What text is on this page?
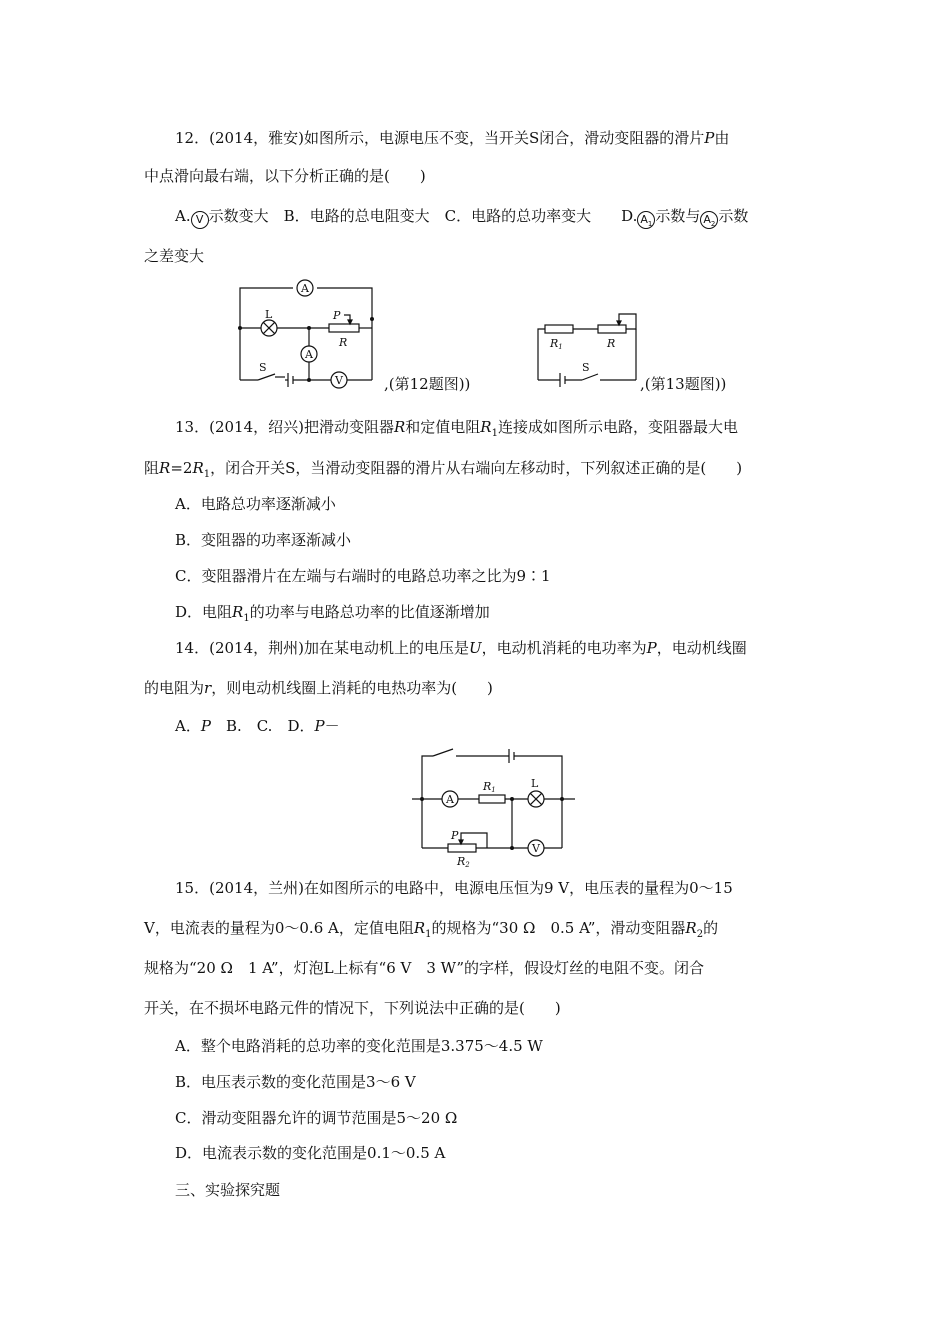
12．(2014，雅安)如图所示，电源电压不变，当开关S闭合，滑动变阻器的滑片P由
中点滑向最右端，以下分析正确的是(　　)
A. V 示数变大　B．电路的总电阻变大　C．电路的总功率变大　　D. $A_1$ 示数与 $A_2$ 示数
之差变大
A
A
V
L	P
R
S
,(第12题图))
R1	R
S
,(第13题图))
13．(2014，绍兴)把滑动变阻器R和定值电阻$R_1$连接成如图所示电路，变阻器最大电
阻$R=2R_1$，闭合开关S，当滑动变阻器的滑片从右端向左移动时，下列叙述正确的是(　　)
A．电路总功率逐渐减小
B．变阻器的功率逐渐减小
C．变阻器滑片在左端与右端时的电路总功率之比为9∶1
D．电阻$R_1$的功率与电路总功率的比值逐渐增加
14．(2014，荆州)加在某电动机上的电压是U，电动机消耗的电功率为P，电动机线圈
的电阻为r，则电动机线圈上消耗的电热功率为(　　)
A．P　B.　C.　D．P－
A
V
L
R1
P
R2
15．(2014，兰州)在如图所示的电路中，电源电压恒为9 V，电压表的量程为0～15
V，电流表的量程为0～0.6 A，定值电阻$R_1$的规格为“30 Ω　0.5 A”，滑动变阻器$R_2$的
规格为“20 Ω　1 A”，灯泡L上标有“6 V　3 W”的字样，假设灯丝的电阻不变。闭合
开关，在不损坏电路元件的情况下，下列说法中正确的是(　　)
A．整个电路消耗的总功率的变化范围是3.375～4.5 W
B．电压表示数的变化范围是3～6 V
C．滑动变阻器允许的调节范围是5～20 Ω
D．电流表示数的变化范围是0.1～0.5 A
三、实验探究题
